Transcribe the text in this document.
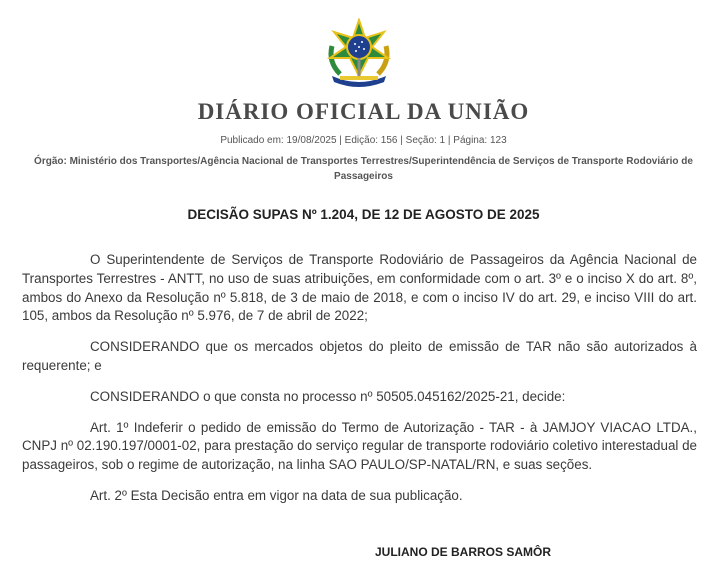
DIÁRIO OFICIAL DA UNIÃO
Publicado em: 19/08/2025 | Edição: 156 | Seção: 1 | Página: 123
Órgão: Ministério dos Transportes/Agência Nacional de Transportes Terrestres/Superintendência de Serviços de Transporte Rodoviário de Passageiros
DECISÃO SUPAS Nº 1.204, DE 12 DE AGOSTO DE 2025

O Superintendente de Serviços de Transporte Rodoviário de Passageiros da Agência Nacional de Transportes Terrestres - ANTT, no uso de suas atribuições, em conformidade com o art. 3º e o inciso X do art. 8º, ambos do Anexo da Resolução nº 5.818, de 3 de maio de 2018, e com o inciso IV do art. 29, e inciso VIII do art. 105, ambos da Resolução nº 5.976, de 7 de abril de 2022;

CONSIDERANDO que os mercados objetos do pleito de emissão de TAR não são autorizados à requerente; e

CONSIDERANDO o que consta no processo nº 50505.045162/2025-21, decide:

Art. 1º Indeferir o pedido de emissão do Termo de Autorização - TAR - à JAMJOY VIACAO LTDA., CNPJ nº 02.190.197/0001-02, para prestação do serviço regular de transporte rodoviário coletivo interestadual de passageiros, sob o regime de autorização, na linha SAO PAULO/SP-NATAL/RN, e suas seções.

Art. 2º Esta Decisão entra em vigor na data de sua publicação.

JULIANO DE BARROS SAMÔR
